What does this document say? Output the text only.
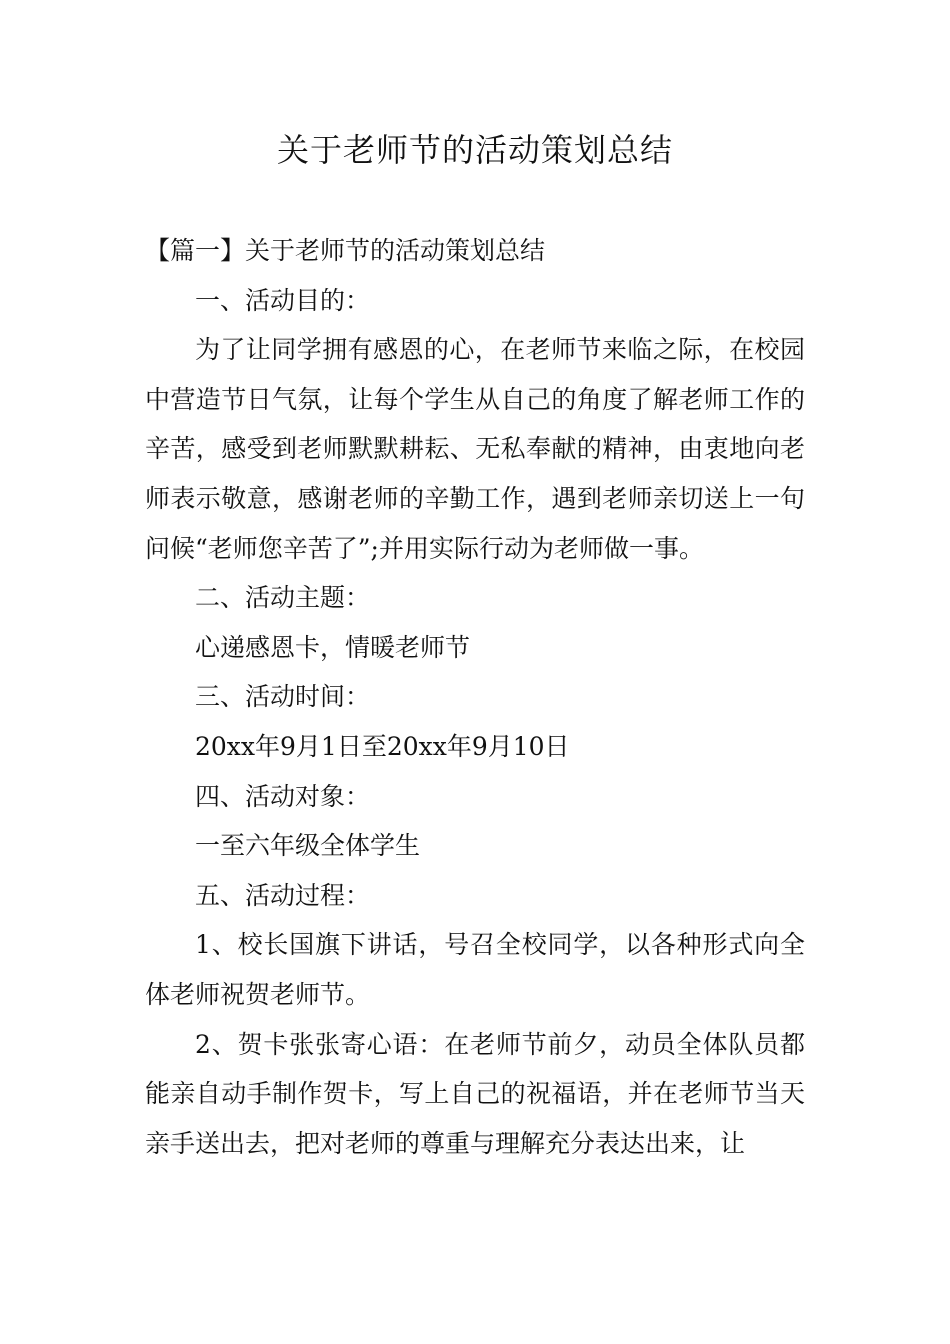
关于老师节的活动策划总结

【篇一】关于老师节的活动策划总结

一、活动目的：

为了让同学拥有感恩的心，在老师节来临之际，在校园中营造节日气氛，让每个学生从自己的角度了解老师工作的辛苦，感受到老师默默耕耘、无私奉献的精神，由衷地向老师表示敬意，感谢老师的辛勤工作，遇到老师亲切送上一句问候“老师您辛苦了”;并用实际行动为老师做一事。

二、活动主题：

心递感恩卡，情暖老师节

三、活动时间：

20xx年9月1日至20xx年9月10日

四、活动对象：

一至六年级全体学生

五、活动过程：

1、校长国旗下讲话，号召全校同学，以各种形式向全体老师祝贺老师节。

2、贺卡张张寄心语：在老师节前夕，动员全体队员都能亲自动手制作贺卡，写上自己的祝福语，并在老师节当天亲手送出去，把对老师的尊重与理解充分表达出来，让
